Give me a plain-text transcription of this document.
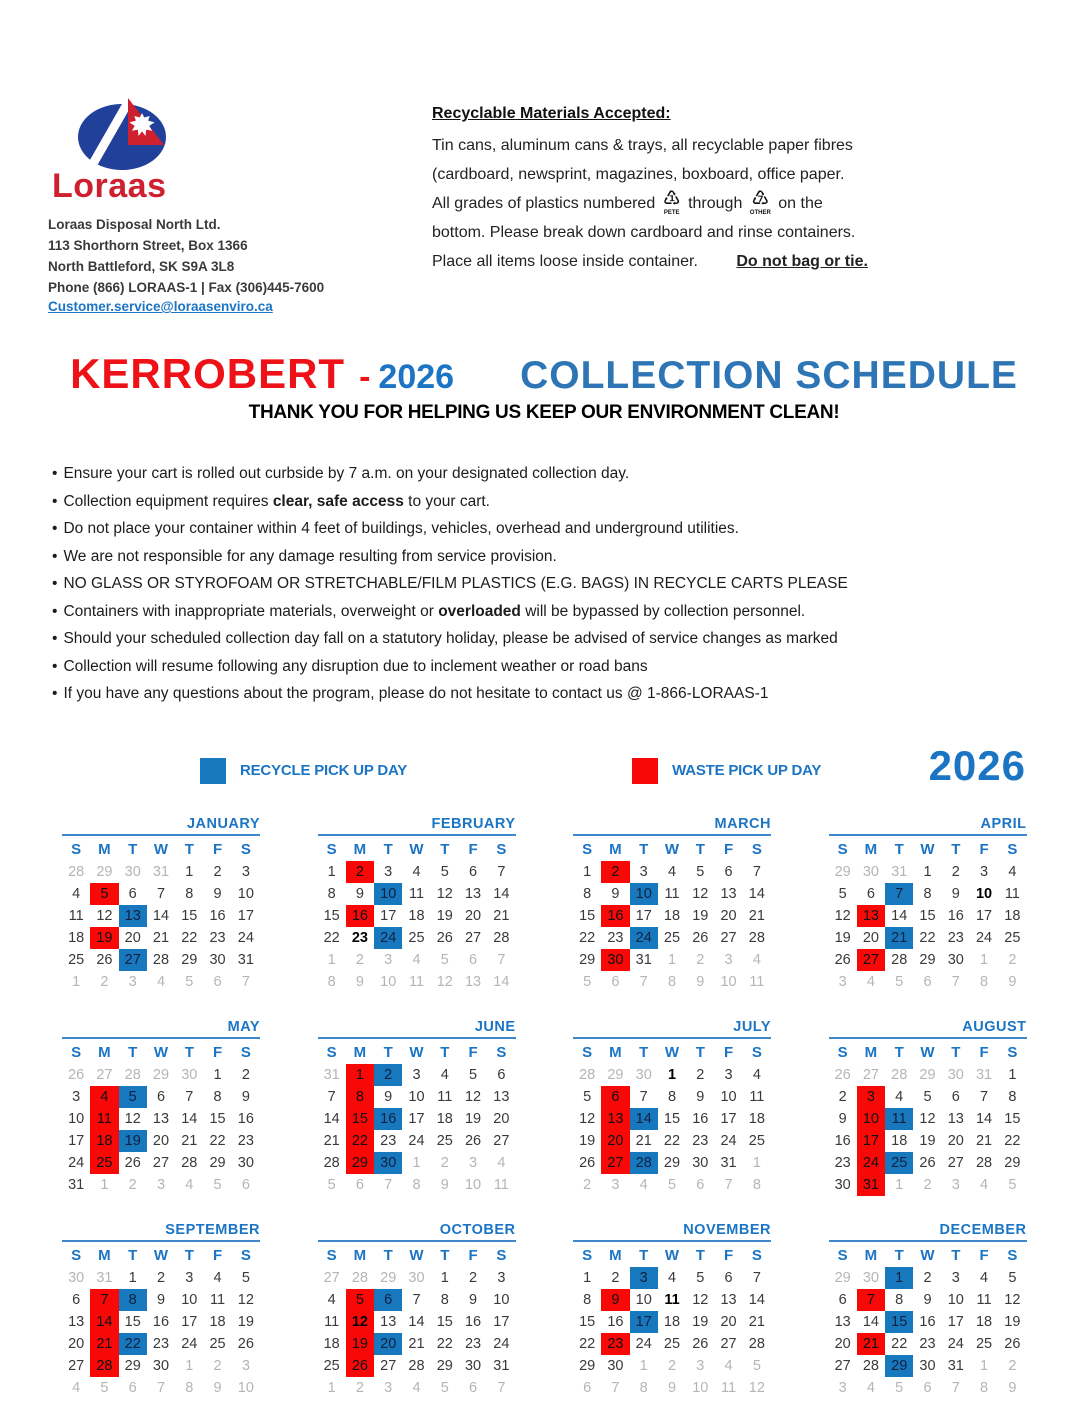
Loraas
Loraas Disposal North Ltd.
113 Shorthorn Street, Box 1366
North Battleford, SK S9A 3L8
Phone (866) LORAAS-1 | Fax (306)445-7600
Customer.service@loraasenviro.ca
Recyclable Materials Accepted:
Tin cans, aluminum cans & trays, all recyclable paper fibres
(cardboard, newsprint, magazines, boxboard, office paper.
All grades of plastics numbered ♳
PETE
through ♹
OTHER
on the
bottom. Please break down cardboard and rinse containers.
Place all items loose inside container. Do not bag or tie.
KERROBERT - 2026 COLLECTION SCHEDULE
THANK YOU FOR HELPING US KEEP OUR ENVIRONMENT CLEAN!
• Ensure your cart is rolled out curbside by 7 a.m. on your designated collection day.
• Collection equipment requires clear, safe access to your cart.
• Do not place your container within 4 feet of buildings, vehicles, overhead and underground utilities.
• We are not responsible for any damage resulting from service provision.
• NO GLASS OR STYROFOAM OR STRETCHABLE/FILM PLASTICS (E.G. BAGS) IN RECYCLE CARTS PLEASE
• Containers with inappropriate materials, overweight or overloaded will be bypassed by collection personnel.
• Should your scheduled collection day fall on a statutory holiday, please be advised of service changes as marked
• Collection will resume following any disruption due to inclement weather or road bans
• If you have any questions about the program, please do not hesitate to contact us @ 1-866-LORAAS-1
RECYCLE PICK UP DAY	WASTE PICK UP DAY	2026
JANUARY
S	M	T	W	T	F	S
28 29 30 31	1	2	3
4	5	6	7	8	9	10
11 12 13 14 15 16 17
18 19 20 21 22 23 24
25 26 27 28 29 30 31
1	2	3	4	5	6	7
FEBRUARY
S	M	T	W	T	F	S
1	2	3	4	5	6	7
8	9	10 11 12 13 14
15 16 17 18 19 20 21
22 23 24 25 26 27 28
1	2	3	4	5	6	7
8	9	10 11 12 13 14
MARCH
S	M	T	W	T	F	S
1	2	3	4	5	6	7
8	9	10 11 12 13 14
15 16 17 18 19 20 21
22 23 24 25 26 27 28
29 30 31	1	2	3	4
5	6	7	8	9	10 11
APRIL
S	M	T	W	T	F	S
29 30 31	1	2	3	4
5	6	7	8	9	10 11
12 13 14 15 16 17 18
19 20 21 22 23 24 25
26 27 28 29 30	1	2
3	4	5	6	7	8	9
MAY
S	M	T	W	T	F	S
26 27 28 29 30	1	2
3	4	5	6	7	8	9
10 11 12 13 14 15 16
17 18 19 20 21 22 23
24 25 26 27 28 29 30
31	1	2	3	4	5	6
JUNE
S	M	T	W	T	F	S
31	1	2	3	4	5	6
7	8	9	10 11 12 13
14 15 16 17 18 19 20
21 22 23 24 25 26 27
28 29 30	1	2	3	4
5	6	7	8	9	10 11
JULY
S	M	T	W	T	F	S
28 29 30	1	2	3	4
5	6	7	8	9	10 11
12 13 14 15 16 17 18
19 20 21 22 23 24 25
26 27 28 29 30 31	1
2	3	4	5	6	7	8
AUGUST
S	M	T	W	T	F	S
26 27 28 29 30 31	1
2	3	4	5	6	7	8
9	10 11 12 13 14 15
16 17 18 19 20 21 22
23 24 25 26 27 28 29
30 31	1	2	3	4	5
SEPTEMBER
S	M	T	W	T	F	S
30 31	1	2	3	4	5
6	7	8	9	10 11 12
13 14 15 16 17 18 19
20 21 22 23 24 25 26
27 28 29 30	1	2	3
4	5	6	7	8	9	10
OCTOBER
S	M	T	W	T	F	S
27 28 29 30	1	2	3
4	5	6	7	8	9	10
11 12 13 14 15 16 17
18 19 20 21 22 23 24
25 26 27 28 29 30 31
1	2	3	4	5	6	7
NOVEMBER
S	M	T	W	T	F	S
1	2	3	4	5	6	7
8	9	10 11 12 13 14
15 16 17 18 19 20 21
22 23 24 25 26 27 28
29 30	1	2	3	4	5
6	7	8	9	10 11 12
DECEMBER
S	M	T	W	T	F	S
29 30	1	2	3	4	5
6	7	8	9	10 11 12
13 14 15 16 17 18 19
20 21 22 23 24 25 26
27 28 29 30 31	1	2
3	4	5	6	7	8	9
